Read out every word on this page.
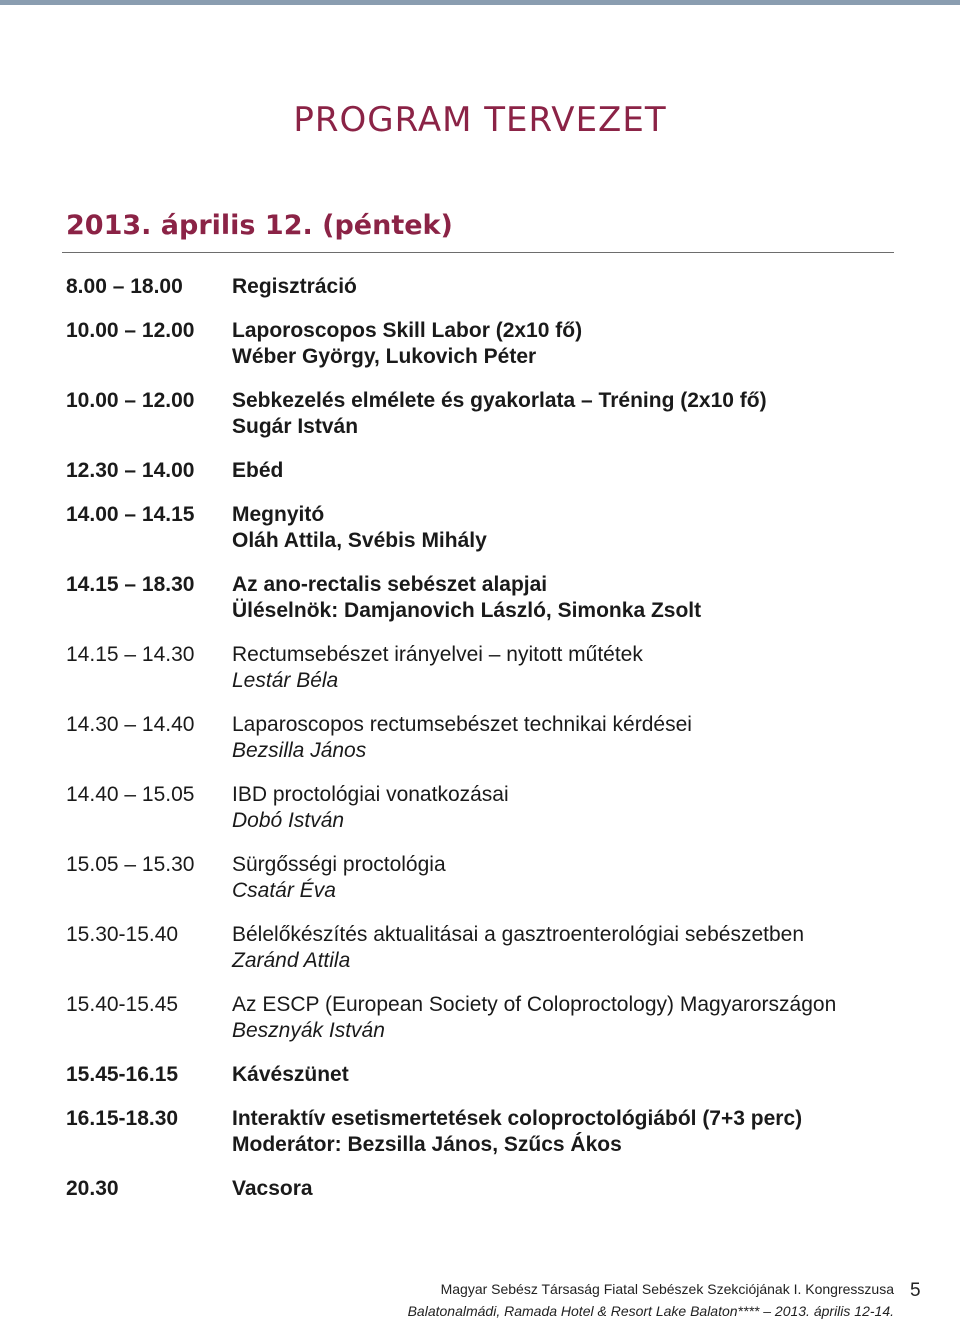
PROGRAM TERVEZET
2013. április 12. (péntek)
8.00 – 18.00 Regisztráció
10.00 – 12.00 Laporoscopos Skill Labor (2x10 fő)
Wéber György, Lukovich Péter
10.00 – 12.00 Sebkezelés elmélete és gyakorlata – Tréning (2x10 fő)
Sugár István
12.30 – 14.00 Ebéd
14.00 – 14.15 Megnyitó
Oláh Attila, Svébis Mihály
14.15 – 18.30 Az ano-rectalis sebészet alapjai
Üléselnök: Damjanovich László, Simonka Zsolt
14.15 – 14.30 Rectumsebészet irányelvei – nyitott műtétek
Lestár Béla
14.30 – 14.40 Laparoscopos rectumsebészet technikai kérdései
Bezsilla János
14.40 – 15.05 IBD proctológiai vonatkozásai
Dobó István
15.05 – 15.30 Sürgősségi proctológia
Csatár Éva
15.30-15.40	Bélelőkészítés aktualitásai a gasztroenterológiai sebészetben
Zaránd Attila
15.40-15.45	Az ESCP (European Society of Coloproctology) Magyarországon
Besznyák István
15.45-16.15	Kávészünet
16.15-18.30	Interaktív esetismertetések coloproctológiából (7+3 perc)
Moderátor: Bezsilla János, Szűcs Ákos
20.30	Vacsora
Magyar Sebész Társaság Fiatal Sebészek Szekciójának I. Kongresszusa
Balatonalmádi, Ramada Hotel & Resort Lake Balaton**** – 2013. április 12-14.
5
